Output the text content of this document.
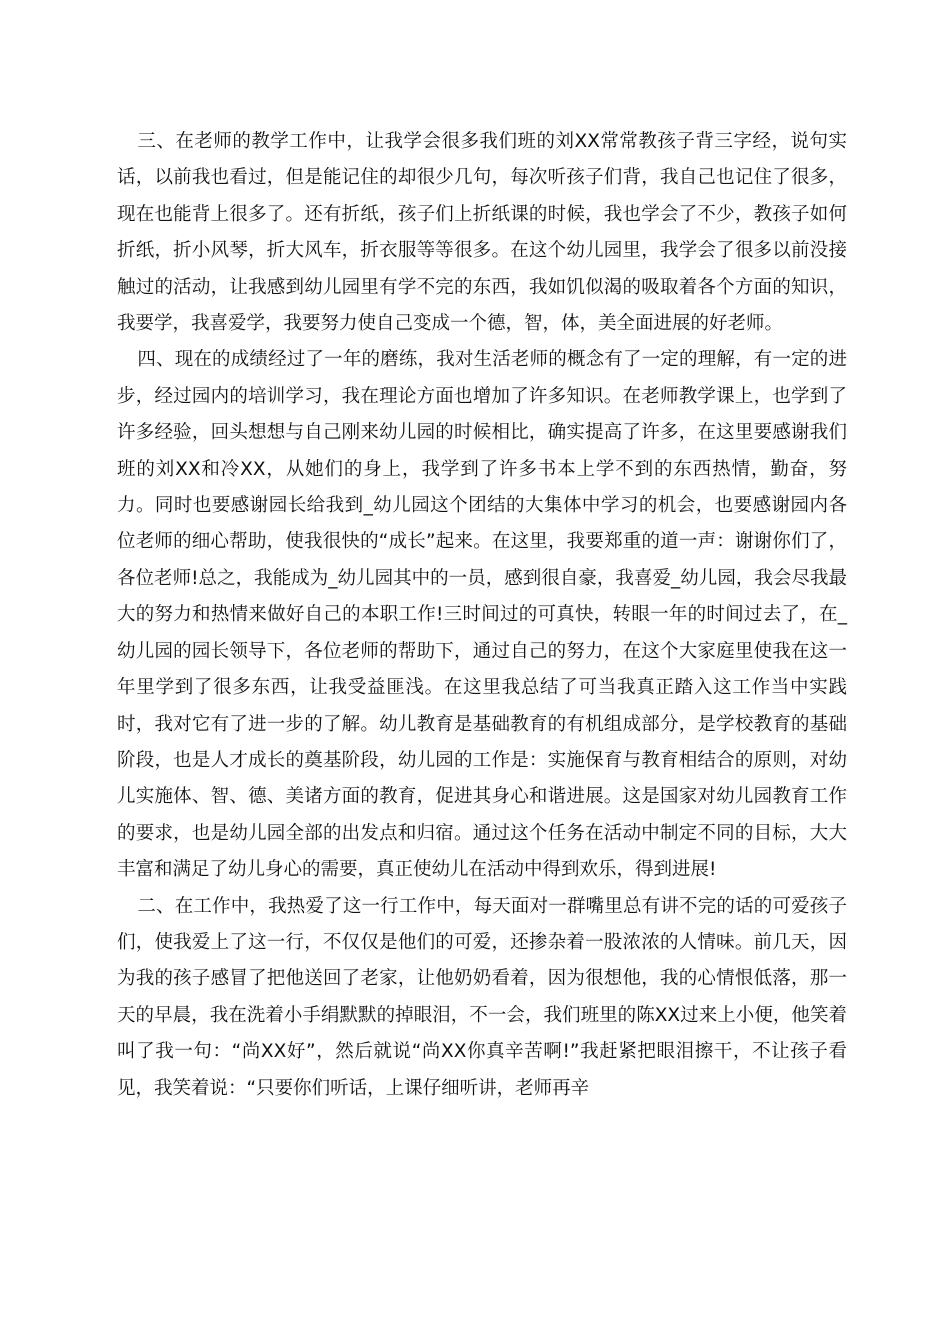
三、在老师的教学工作中，让我学会很多我们班的刘XX常常教孩子背三字经，说句实话，以前我也看过，但是能记住的却很少几句，每次听孩子们背，我自己也记住了很多，现在也能背上很多了。还有折纸，孩子们上折纸课的时候，我也学会了不少，教孩子如何折纸，折小风琴，折大风车，折衣服等等很多。在这个幼儿园里，我学会了很多以前没接触过的活动，让我感到幼儿园里有学不完的东西，我如饥似渴的吸取着各个方面的知识，我要学，我喜爱学，我要努力使自己变成一个德，智，体，美全面进展的好老师。

四、现在的成绩经过了一年的磨练，我对生活老师的概念有了一定的理解，有一定的进步，经过园内的培训学习，我在理论方面也增加了许多知识。在老师教学课上，也学到了许多经验，回头想想与自己刚来幼儿园的时候相比，确实提高了许多，在这里要感谢我们班的刘XX和冷XX，从她们的身上，我学到了许多书本上学不到的东西热情，勤奋，努力。同时也要感谢园长给我到_幼儿园这个团结的大集体中学习的机会，也要感谢园内各位老师的细心帮助，使我很快的“成长”起来。在这里，我要郑重的道一声：谢谢你们了，各位老师!总之，我能成为_幼儿园其中的一员，感到很自豪，我喜爱_幼儿园，我会尽我最大的努力和热情来做好自己的本职工作!三时间过的可真快，转眼一年的时间过去了，在_幼儿园的园长领导下，各位老师的帮助下，通过自己的努力，在这个大家庭里使我在这一年里学到了很多东西，让我受益匪浅。在这里我总结了可当我真正踏入这工作当中实践时，我对它有了进一步的了解。幼儿教育是基础教育的有机组成部分，是学校教育的基础阶段，也是人才成长的奠基阶段，幼儿园的工作是：实施保育与教育相结合的原则，对幼儿实施体、智、德、美诸方面的教育，促进其身心和谐进展。这是国家对幼儿园教育工作的要求，也是幼儿园全部的出发点和归宿。通过这个任务在活动中制定不同的目标，大大丰富和满足了幼儿身心的需要，真正使幼儿在活动中得到欢乐，得到进展!

二、在工作中，我热爱了这一行工作中，每天面对一群嘴里总有讲不完的话的可爱孩子们，使我爱上了这一行，不仅仅是他们的可爱，还掺杂着一股浓浓的人情味。前几天，因为我的孩子感冒了把他送回了老家，让他奶奶看着，因为很想他，我的心情恨低落，那一天的早晨，我在洗着小手绢默默的掉眼泪，不一会，我们班里的陈XX过来上小便，他笑着叫了我一句：“尚XX好”，然后就说“尚XX你真辛苦啊!”我赶紧把眼泪擦干，不让孩子看见，我笑着说：“只要你们听话，上课仔细听讲，老师再辛
